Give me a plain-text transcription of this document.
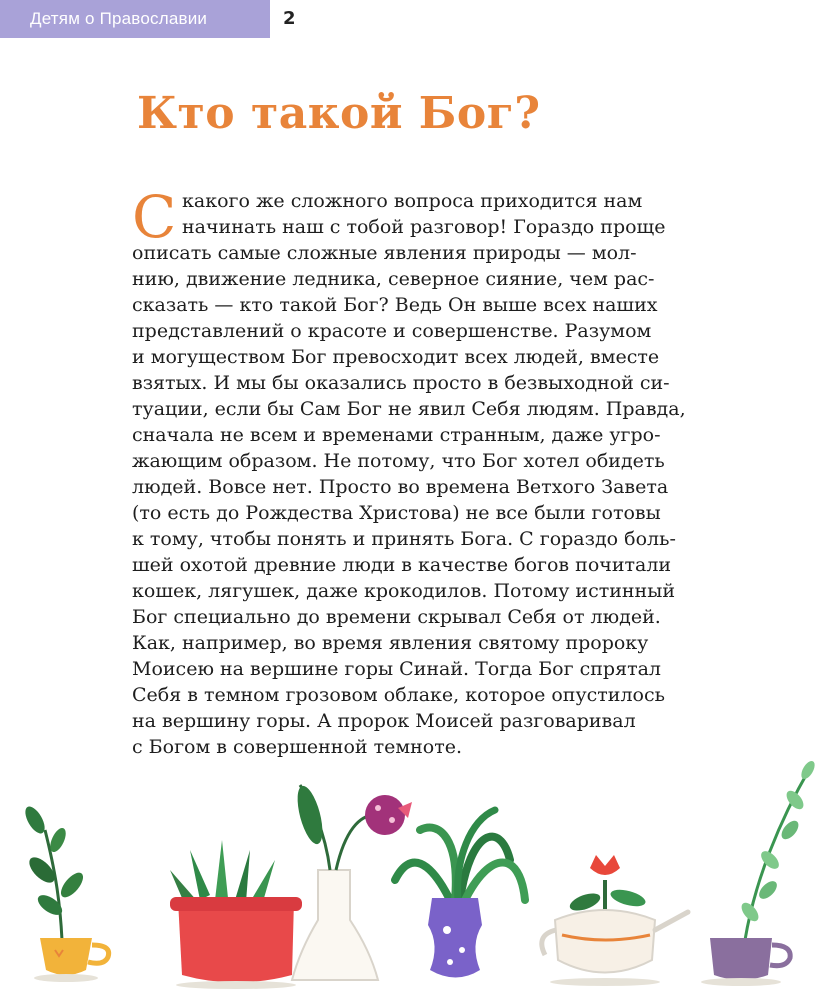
Детям о Православии	2
Кто такой Бог?
С какого же сложного вопроса приходится нам
начинать наш с тобой разговор! Гораздо проще
описать самые сложные явления природы — мол-
нию, движение ледника, северное сияние, чем рас-
сказать — кто такой Бог? Ведь Он выше всех наших
представлений о красоте и совершенстве. Разумом
и могуществом Бог превосходит всех людей, вместе
взятых. И мы бы оказались просто в безвыходной си-
туации, если бы Сам Бог не явил Себя людям. Правда,
сначала не всем и временами странным, даже угро-
жающим образом. Не потому, что Бог хотел обидеть
людей. Вовсе нет. Просто во времена Ветхого Завета
(то есть до Рождества Христова) не все были готовы
к тому, чтобы понять и принять Бога. С гораздо боль-
шей охотой древние люди в качестве богов почитали
кошек, лягушек, даже крокодилов. Потому истинный
Бог специально до времени скрывал Себя от людей.
Как, например, во время явления святому пророку
Моисею на вершине горы Синай. Тогда Бог спрятал
Себя в темном грозовом облаке, которое опустилось
на вершину горы. А пророк Моисей разговаривал
с Богом в совершенной темноте.
